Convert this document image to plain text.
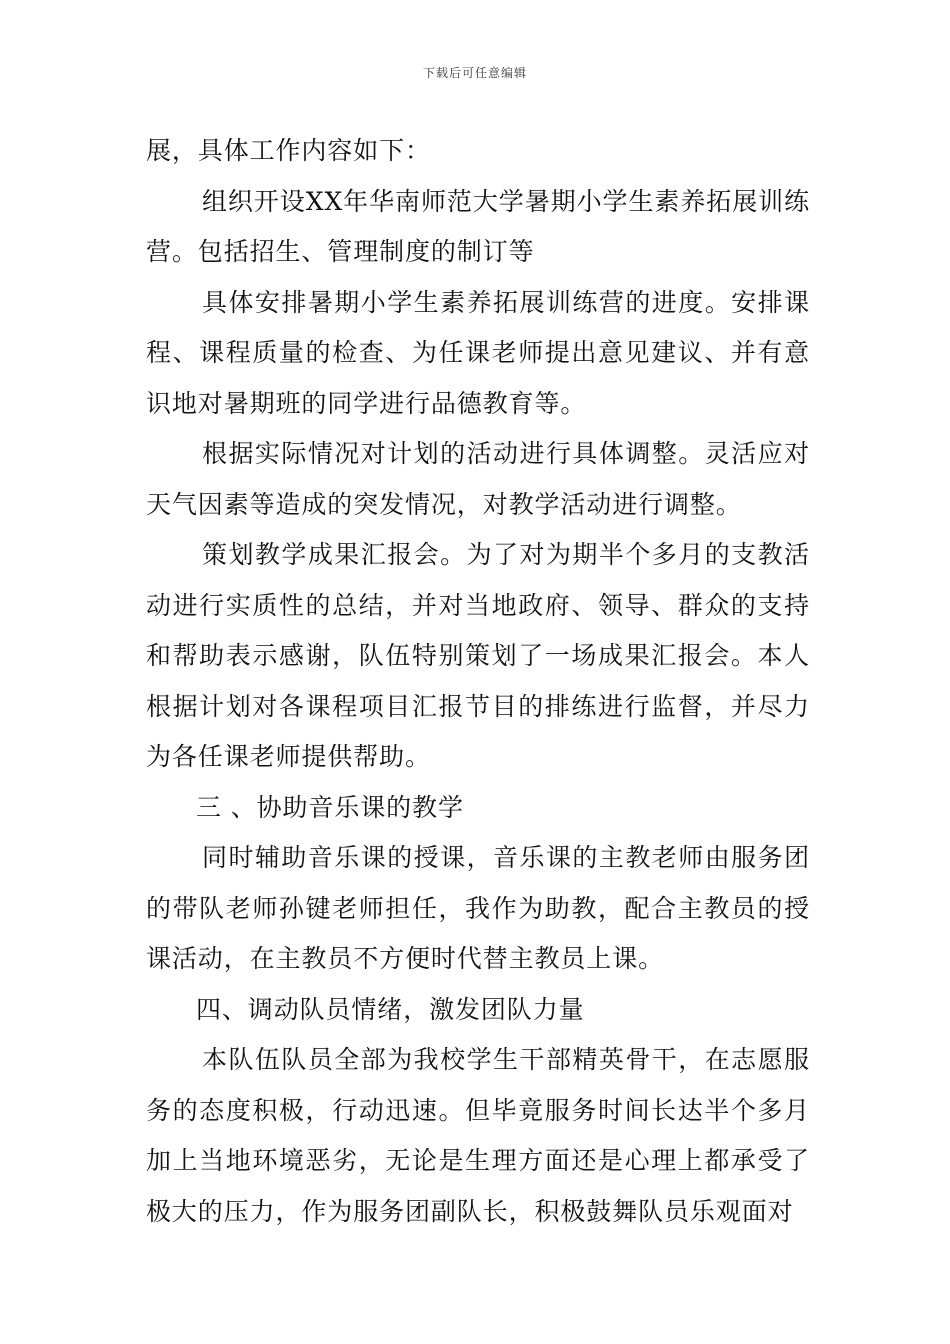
下载后可任意编辑

展，具体工作内容如下：

组织开设XX年华南师范大学暑期小学生素养拓展训练营。包括招生、管理制度的制订等

具体安排暑期小学生素养拓展训练营的进度。安排课程、课程质量的检查、为任课老师提出意见建议、并有意识地对暑期班的同学进行品德教育等。

根据实际情况对计划的活动进行具体调整。灵活应对天气因素等造成的突发情况，对教学活动进行调整。

策划教学成果汇报会。为了对为期半个多月的支教活动进行实质性的总结，并对当地政府、领导、群众的支持和帮助表示感谢，队伍特别策划了一场成果汇报会。本人根据计划对各课程项目汇报节目的排练进行监督，并尽力为各任课老师提供帮助。

三 、协助音乐课的教学

同时辅助音乐课的授课，音乐课的主教老师由服务团的带队老师孙键老师担任，我作为助教，配合主教员的授课活动，在主教员不方便时代替主教员上课。

四、调动队员情绪，激发团队力量

本队伍队员全部为我校学生干部精英骨干，在志愿服务的态度积极，行动迅速。但毕竟服务时间长达半个多月加上当地环境恶劣，无论是生理方面还是心理上都承受了极大的压力，作为服务团副队长，积极鼓舞队员乐观面对
